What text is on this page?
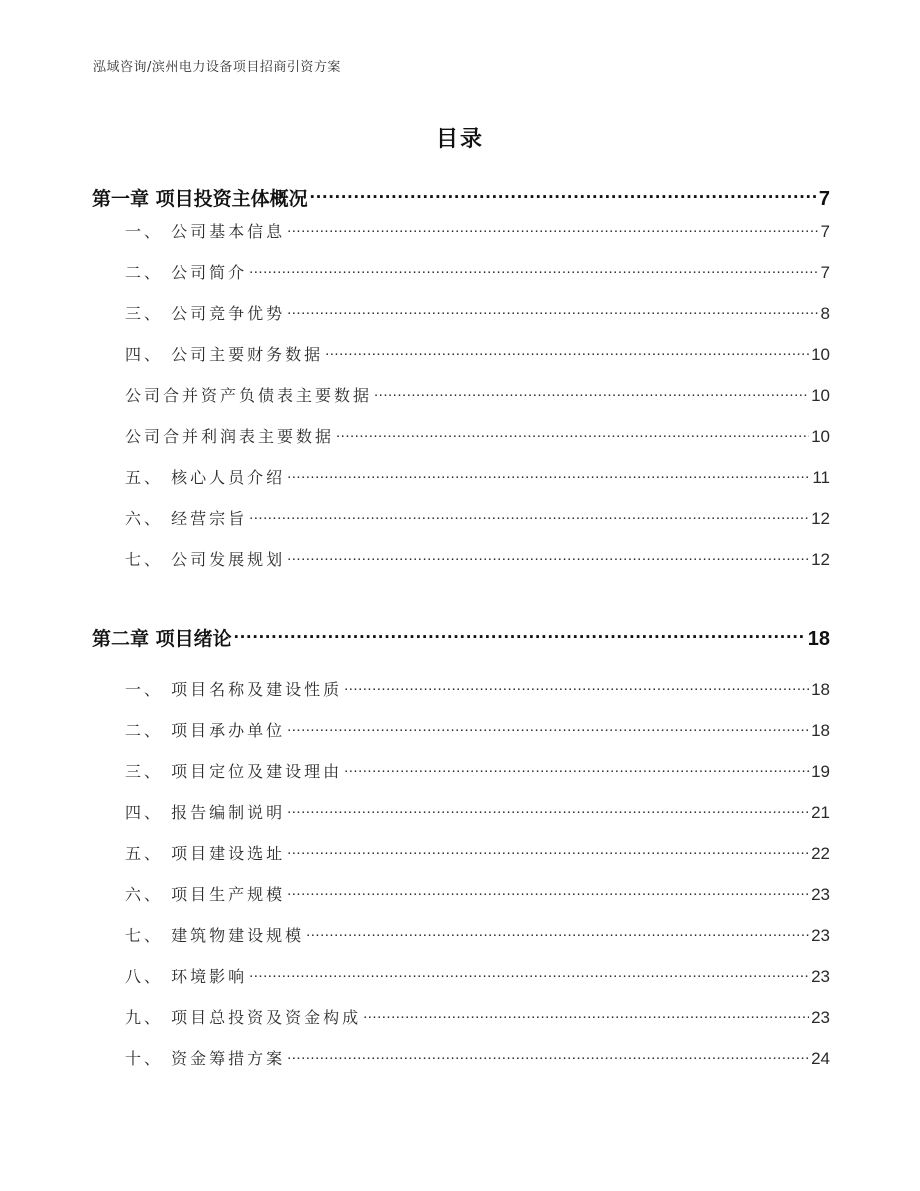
泓域咨询/滨州电力设备项目招商引资方案
目录
第一章 项目投资主体概况 .....	7
一、 公司基本信息 .....	7
二、 公司简介 .....	7
三、 公司竞争优势 .....	8
四、 公司主要财务数据 .....	10
公司合并资产负债表主要数据 .....	10
公司合并利润表主要数据 .....	10
五、 核心人员介绍 .....	11
六、 经营宗旨 .....	12
七、 公司发展规划 .....	12
第二章 项目绪论 .....	18
一、 项目名称及建设性质 .....	18
二、 项目承办单位 .....	18
三、 项目定位及建设理由 .....	19
四、 报告编制说明 .....	21
五、 项目建设选址 .....	22
六、 项目生产规模 .....	23
七、 建筑物建设规模 .....	23
八、 环境影响 .....	23
九、 项目总投资及资金构成 .....	23
十、 资金筹措方案 .....	24
